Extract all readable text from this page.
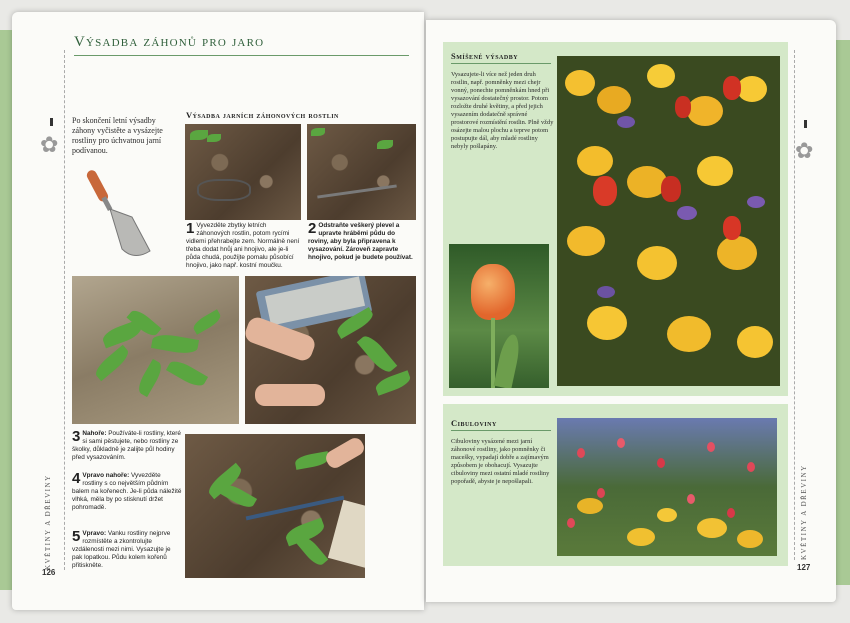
✿
Výsadba záhonů pro jaro
Po skončení letní výsadby záhony vyčistěte a vysázejte rostliny pro úchvatnou jarní podívanou.
Výsadba jarních záhonových rostlin
1 Vyvezděte zbytky letních záhonových rostlin, potom rycími vidlemi přehrabejte zem. Normálně není třeba dodat hnůj ani hnojivo, ale je-li půda chudá, použijte pomalu působící hnojivo, jako např. kostní moučku.
2 Odstraňte veškerý plevel a upravte hráběmi půdu do roviny, aby byla připravena k vysazování. Zároveň zapravte hnojivo, pokud je budete používat.
3 Nahoře: Používáte-li rostliny, které si sami pěstujete, nebo rostliny ze školky, důkladně je zalijte půl hodiny před vysazováním.
4 Vpravo nahoře: Vyvezděte rostliny s co největším půdním balem na kořenech. Je-li půda náležitě vlhká, měla by po stisknutí držet pohromadě.
5 Vpravo: Vanku rostliny nejprve rozmístěte a zkontrolujte vzdálenosti mezi nimi. Vysazujte je pak lopatkou. Půdu kolem kořenů přitiskněte.
KVĚTINY A DŘEVINY
126
Smíšené výsadby
Vysazujete-li více než jeden druh rostlin, např. pomněnky mezi chejr vonný, ponechte pomněnkám hned při vysazování dostatečný prostor. Potom rozložte druhé květiny, a před jejich vysazením dodatečně správné prostorové rozmístění rostlin. Plně vždy osázejte malou plochu a teprve potom postupujte dál, aby mladé rostliny nebyly pošlapány.
Cibuloviny
Cibuloviny vysázené mezi jarní záhonové rostliny, jako pomněnky či macešky, vypadají dobře a zajímavým způsobem je obohacují. Vysazujte cibuloviny mezi ostatní mladé rostliny popořadě, abyste je nepošlapali.
✿
KVĚTINY A DŘEVINY
127
